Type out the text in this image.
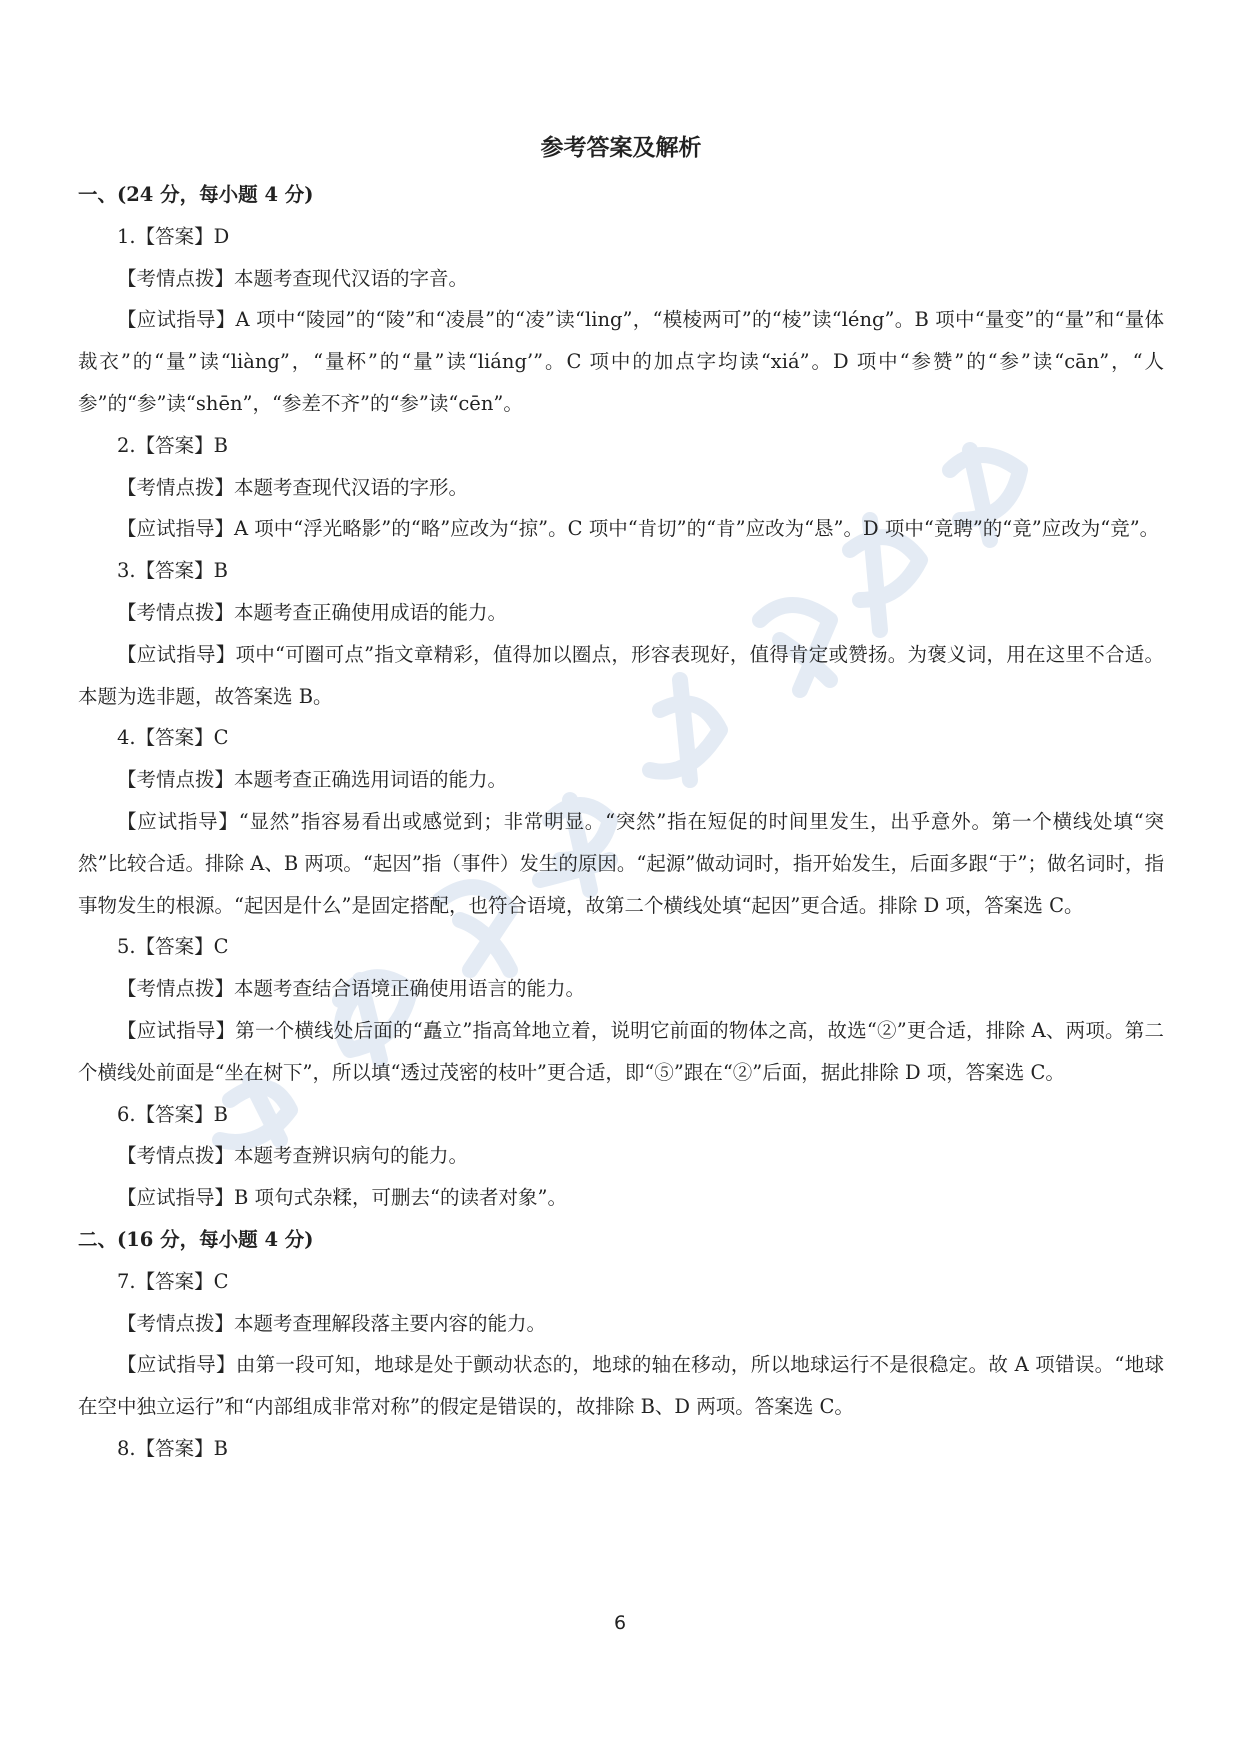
参考答案及解析

一、(24 分，每小题 4 分)

1.【答案】D

【考情点拨】本题考查现代汉语的字音。

【应试指导】A 项中“陵园”的“陵”和“凌晨”的“凌”读“ling”，“模棱两可”的“棱”读“léng”。B 项中“量变”的“量”和“量体裁衣”的“量”读“liàng”，“量杯”的“量”读“liáng’”。C 项中的加点字均读“xiá”。D 项中“参赞”的“参”读“cān”，“人参”的“参”读“shēn”，“参差不齐”的“参”读“cēn”。

2.【答案】B

【考情点拨】本题考查现代汉语的字形。

【应试指导】A 项中“浮光略影”的“略”应改为“掠”。C 项中“肯切”的“肯”应改为“恳”。D 项中“竟聘”的“竟”应改为“竞”。

3.【答案】B

【考情点拨】本题考查正确使用成语的能力。

【应试指导】项中“可圈可点”指文章精彩，值得加以圈点，形容表现好，值得肯定或赞扬。为褒义词，用在这里不合适。本题为选非题，故答案选 B。

4.【答案】C

【考情点拨】本题考查正确选用词语的能力。

【应试指导】“显然”指容易看出或感觉到；非常明显。“突然”指在短促的时间里发生，出乎意外。第一个横线处填“突然”比较合适。排除 A、B 两项。“起因”指（事件）发生的原因。“起源”做动词时，指开始发生，后面多跟“于”；做名词时，指事物发生的根源。“起因是什么”是固定搭配，也符合语境，故第二个横线处填“起因”更合适。排除 D 项，答案选 C。

5.【答案】C

【考情点拨】本题考查结合语境正确使用语言的能力。

【应试指导】第一个横线处后面的“矗立”指高耸地立着，说明它前面的物体之高，故选“②”更合适，排除 A、两项。第二个横线处前面是“坐在树下”，所以填“透过茂密的枝叶”更合适，即“⑤”跟在“②”后面，据此排除 D 项，答案选 C。

6.【答案】B

【考情点拨】本题考查辨识病句的能力。

【应试指导】B 项句式杂糅，可删去“的读者对象”。

二、(16 分，每小题 4 分)

7.【答案】C

【考情点拨】本题考查理解段落主要内容的能力。

【应试指导】由第一段可知，地球是处于颤动状态的，地球的轴在移动，所以地球运行不是很稳定。故 A 项错误。“地球在空中独立运行”和“内部组成非常对称”的假定是错误的，故排除 B、D 两项。答案选 C。

8.【答案】B

6
